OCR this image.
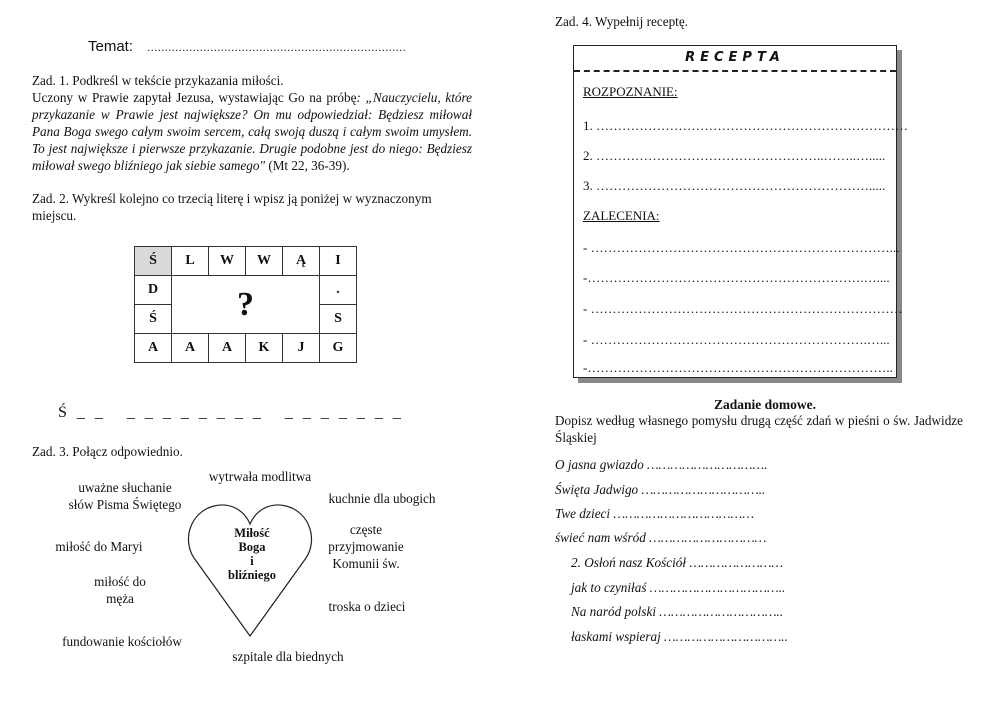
Temat: ..........................................................................
Zad. 1. Podkreśl w tekście przykazania miłości.
Uczony w Prawie zapytał Jezusa, wystawiając Go na próbę: „Nauczycielu, które przykazanie w Prawie jest największe? On mu odpowiedział: Będziesz miłował Pana Boga swego całym swoim sercem, całą swoją duszą i całym swoim umysłem. To jest największe i pierwsze przykazanie. Drugie podobne jest do niego: Będziesz miłował swego bliźniego jak siebie samego" (Mt 22, 36-39).
Zad. 2. Wykreśl kolejno co trzecią literę i wpisz ją poniżej w wyznaczonym miejscu.
Ś	L	W	W	Ą	I
D	?				.
Ś					S
A	A	A	K	J	G
Ś _ _ _ _ _ _ _ _ _ _ _ _ _ _ _ _ _
Zad. 3. Połącz odpowiednio.
Miłość
Boga
i
bliźniego
uważne słuchanie
słów Pisma Świętego
wytrwała modlitwa
kuchnie dla ubogich
częste
przyjmowanie
Komunii św.
miłość do Maryi
miłość do
męża
troska o dzieci
fundowanie kościołów
szpitale dla biednych
Zad. 4. Wypełnij receptę.
RECEPTA
ROZPOZNANIE:
1. ………………………………………………………………
2. ……………………………………………..……..….....
3. ……………………………………………………….....
ZALECENIA:
- ……………………………………………………………...
-……………………………………………………….…....
- ………………………………………………………………
- ……………………………………………………….…...
-……………………………………………………………..
Zadanie domowe.
Dopisz według własnego pomysłu drugą część zdań w pieśni o św. Jadwidze Śląskiej
O jasna gwiazdo ………………………….
Święta Jadwigo …………………………..
Twe dzieci ………………………………
świeć nam wśród …………………………
2. Osłoń nasz Kościół ……………………
jak to czyniłaś ……………………………..
Na naród polski …………………………..
łaskami wspieraj …………………………..
